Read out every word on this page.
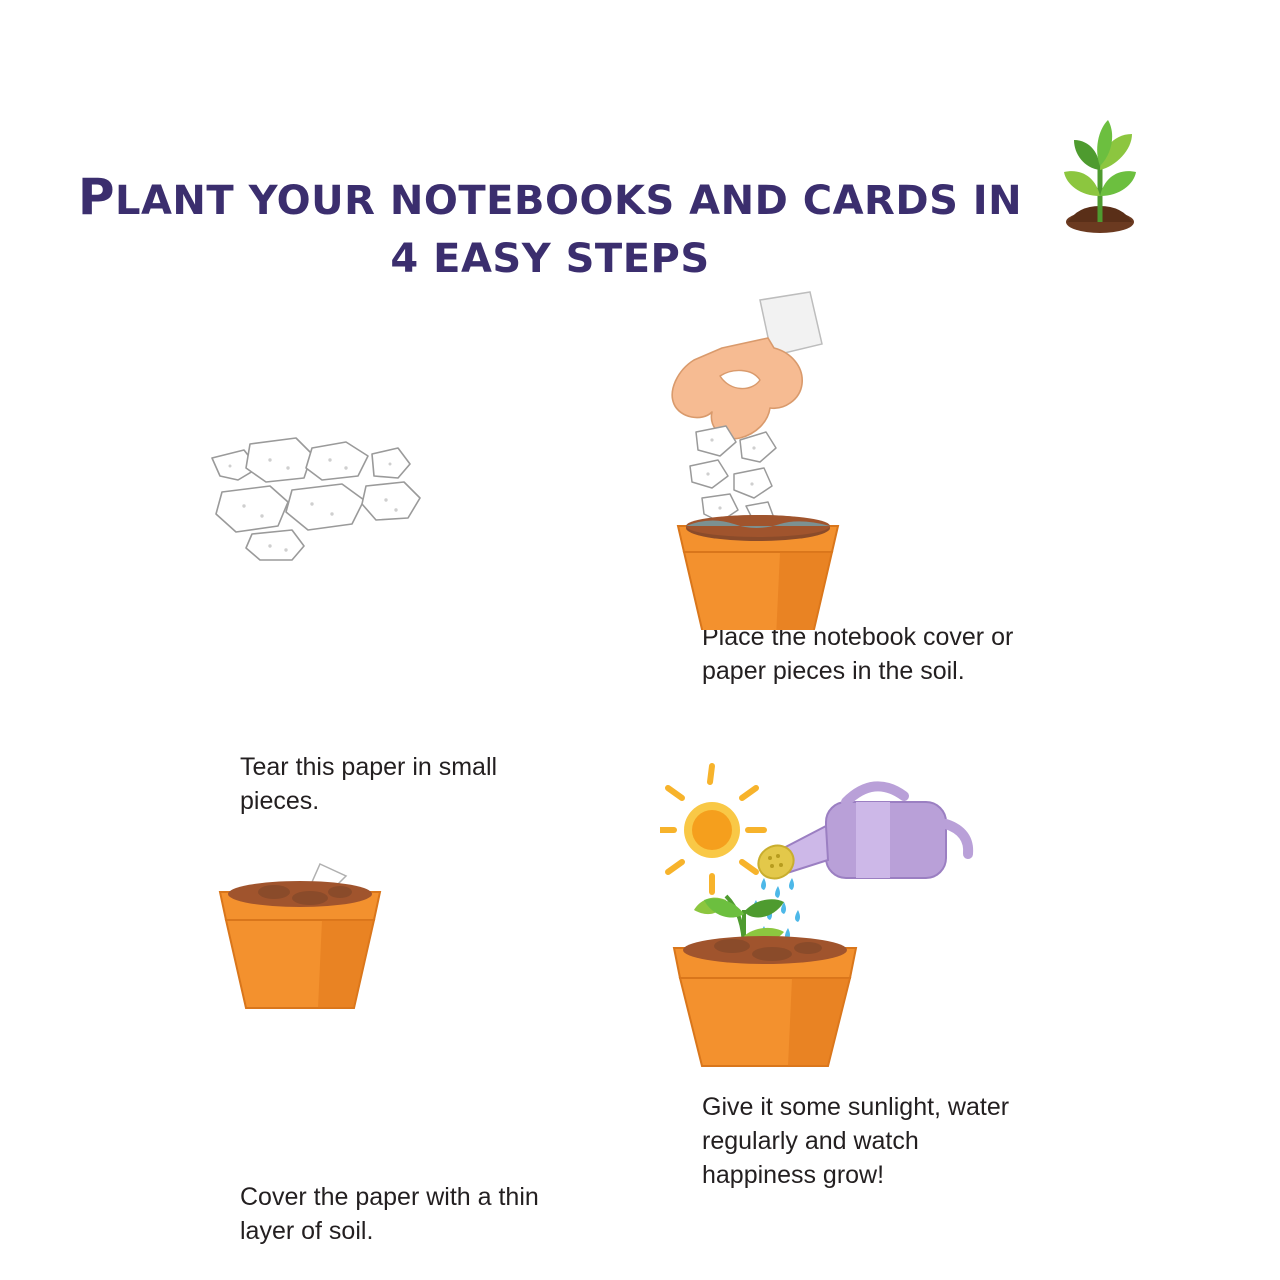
PLANT YOUR NOTEBOOKS AND CARDS IN
4 EASY STEPS
Tear this paper in small pieces.
Place the notebook cover or paper pieces in the soil.
Cover the paper with a thin layer of soil.
Give it some sunlight, water regularly and watch happiness grow!
